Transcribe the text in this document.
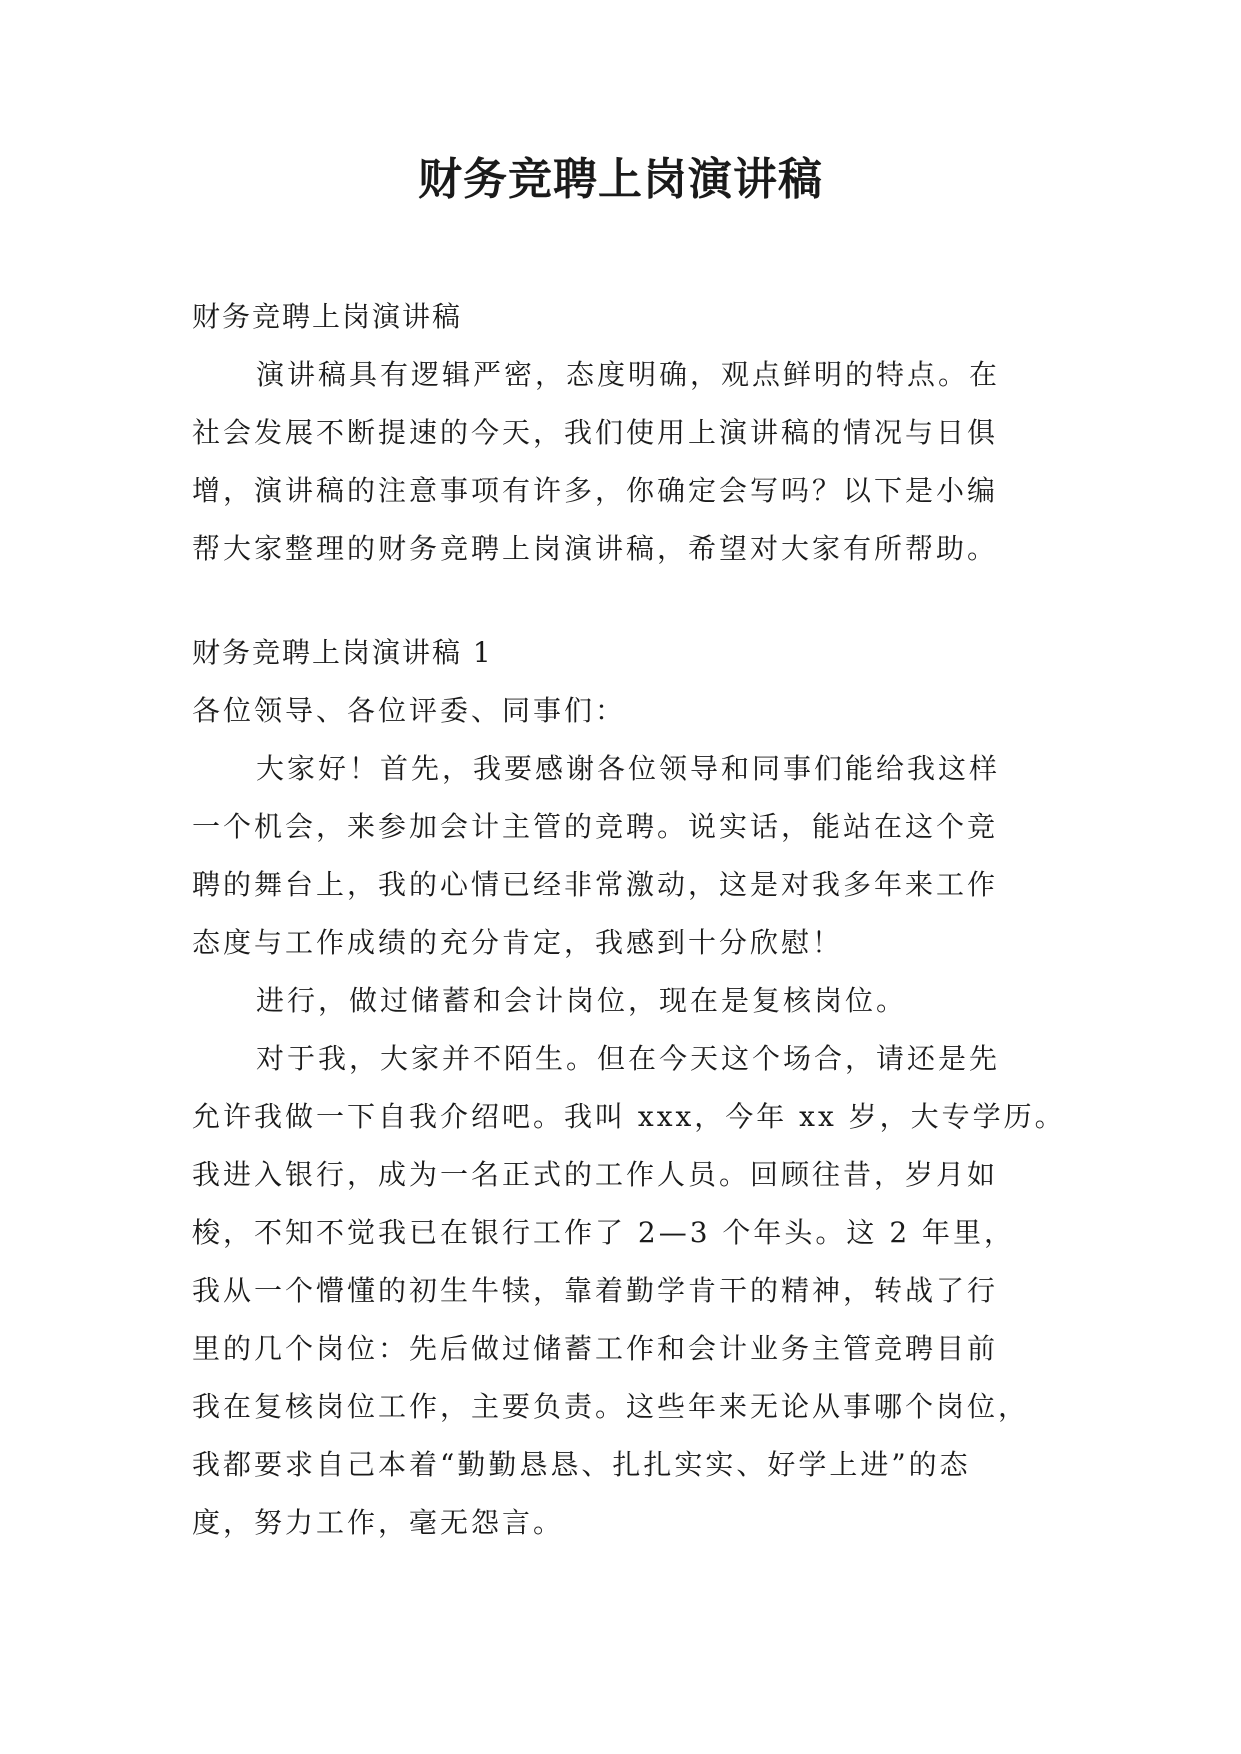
财务竞聘上岗演讲稿
财务竞聘上岗演讲稿
演讲稿具有逻辑严密，态度明确，观点鲜明的特点。在
社会发展不断提速的今天，我们使用上演讲稿的情况与日俱
增，演讲稿的注意事项有许多，你确定会写吗？以下是小编
帮大家整理的财务竞聘上岗演讲稿，希望对大家有所帮助。
财务竞聘上岗演讲稿 1
各位领导、各位评委、同事们：
大家好！首先，我要感谢各位领导和同事们能给我这样
一个机会，来参加会计主管的竞聘。说实话，能站在这个竞
聘的舞台上，我的心情已经非常激动，这是对我多年来工作
态度与工作成绩的充分肯定，我感到十分欣慰！
进行，做过储蓄和会计岗位，现在是复核岗位。
对于我，大家并不陌生。但在今天这个场合，请还是先
允许我做一下自我介绍吧。我叫 xxx，今年 xx 岁，大专学历。
我进入银行，成为一名正式的工作人员。回顾往昔，岁月如
梭，不知不觉我已在银行工作了 2—3 个年头。这 2 年里，
我从一个懵懂的初生牛犊，靠着勤学肯干的精神，转战了行
里的几个岗位：先后做过储蓄工作和会计业务主管竞聘目前
我在复核岗位工作，主要负责。这些年来无论从事哪个岗位，
我都要求自己本着“勤勤恳恳、扎扎实实、好学上进”的态
度，努力工作，毫无怨言。
